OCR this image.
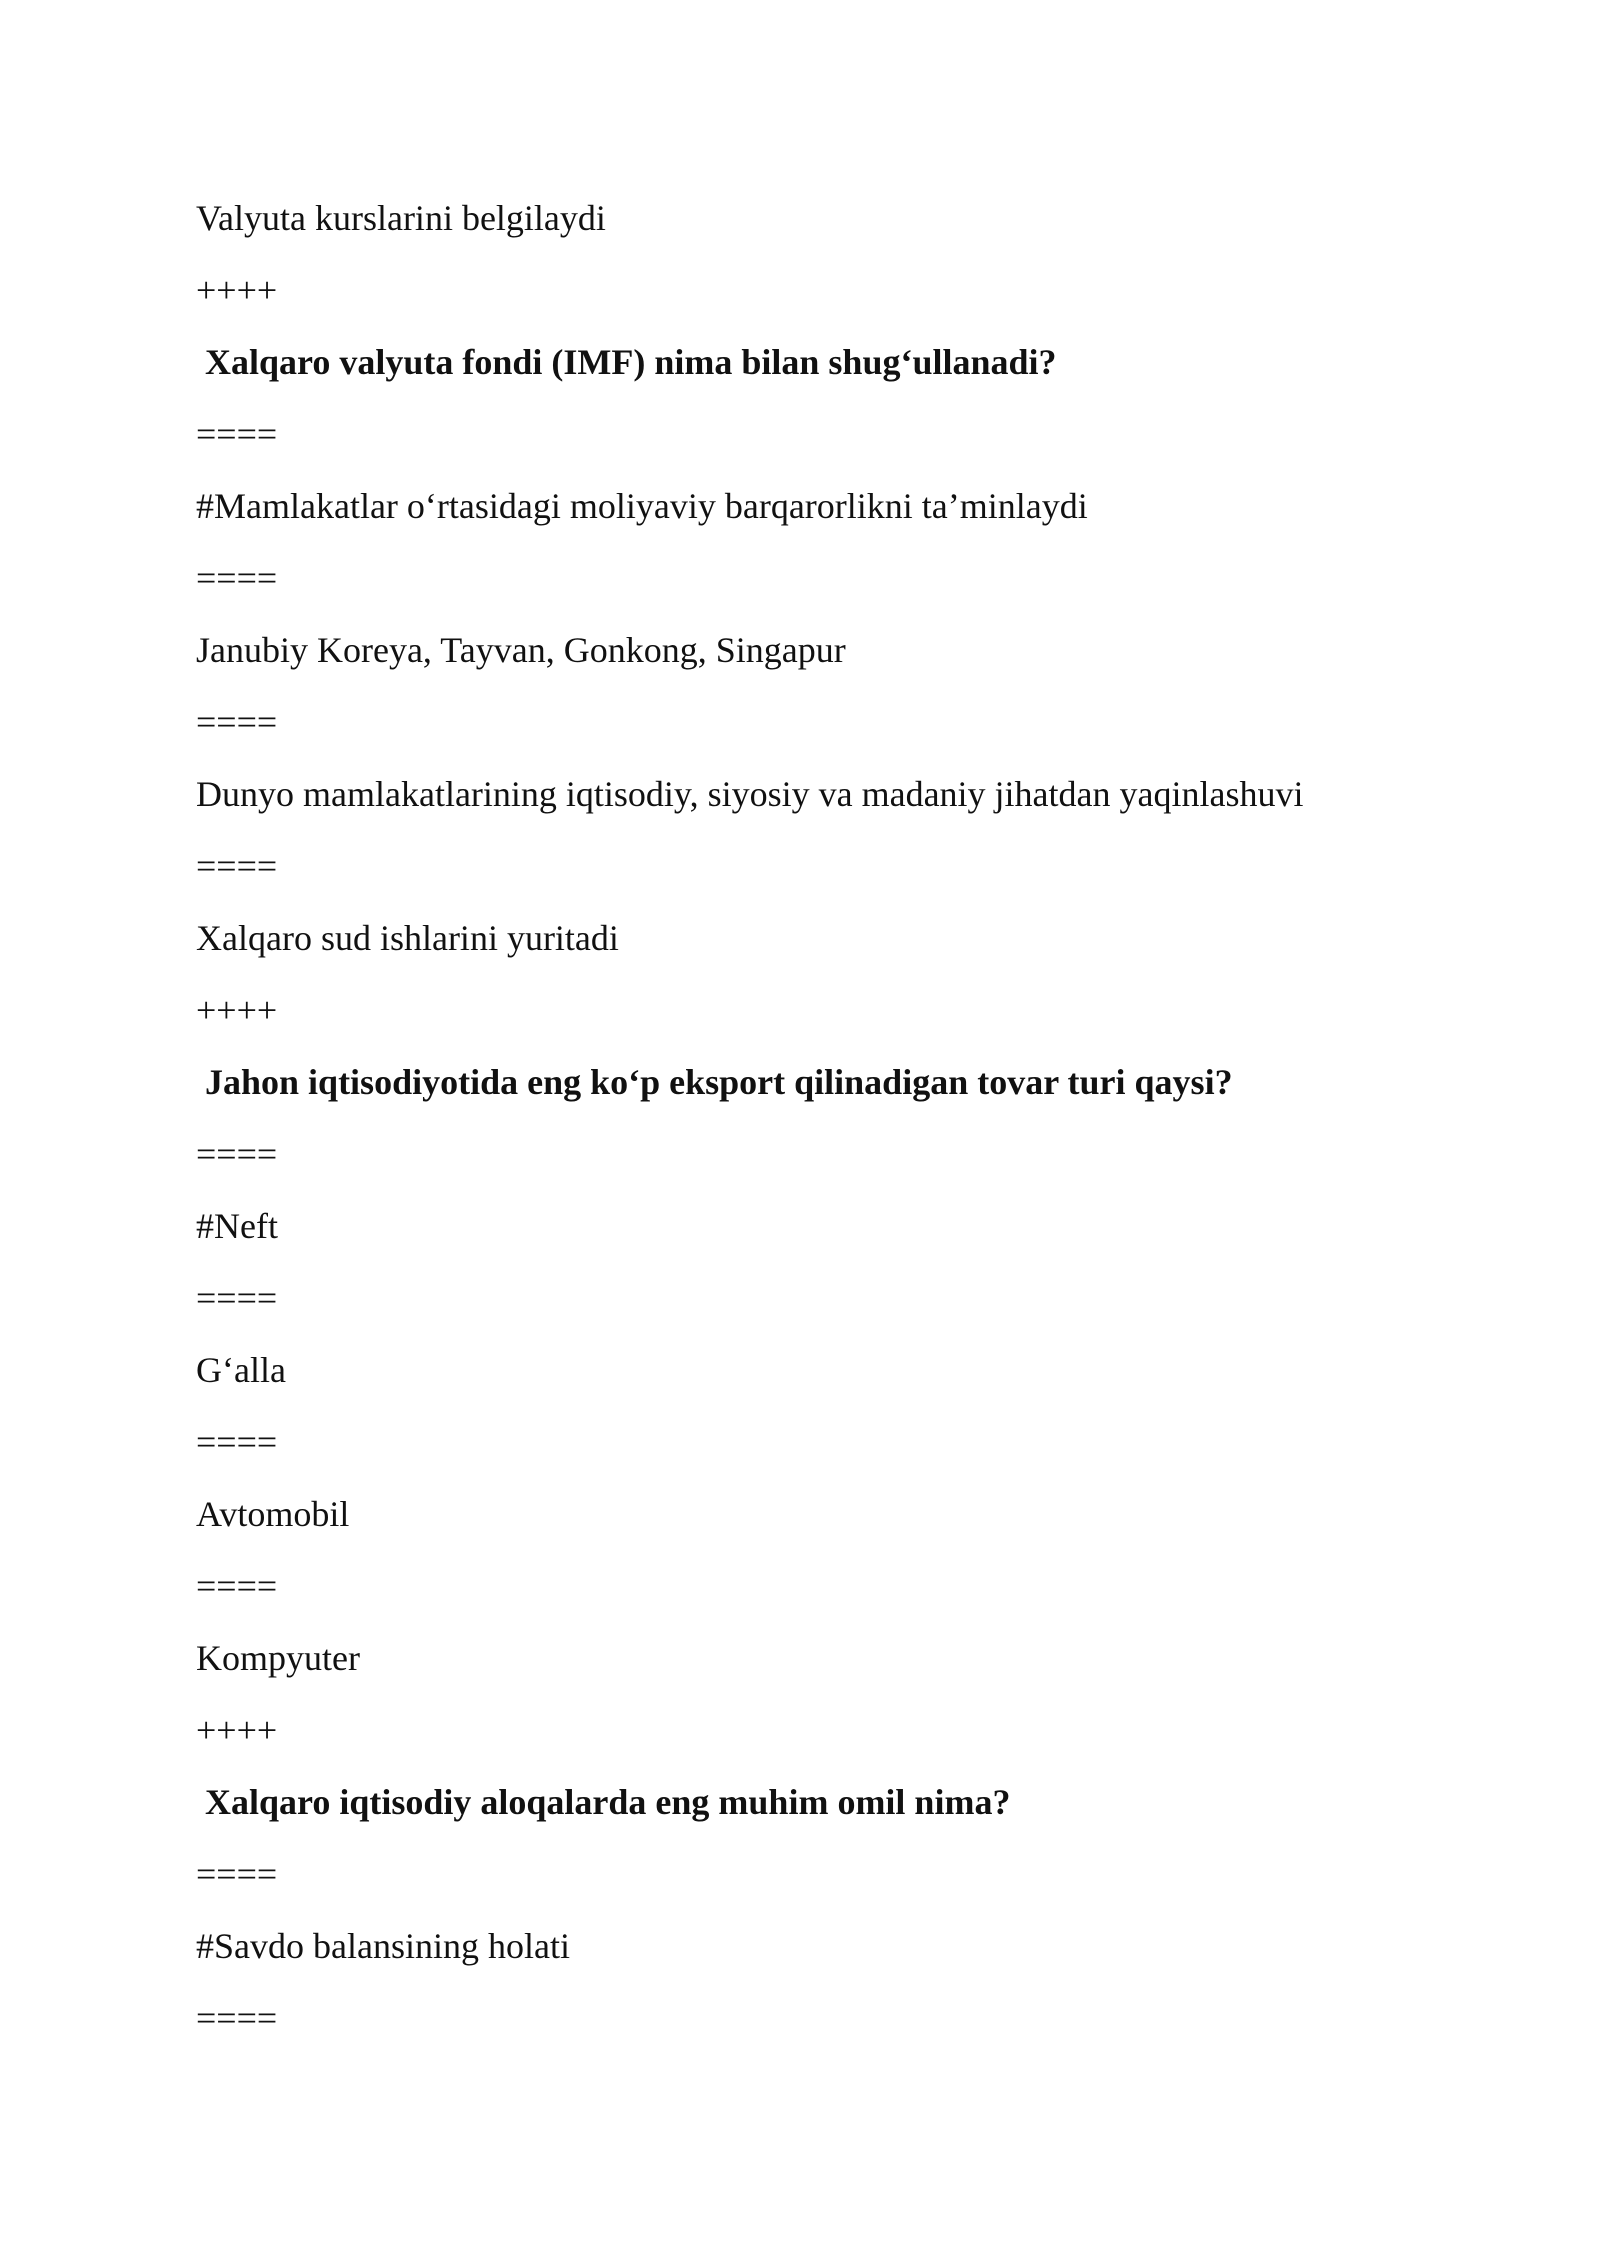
Valyuta kurslarini belgilaydi
++++
Xalqaro valyuta fondi (IMF) nima bilan shug‘ullanadi?
====
#Mamlakatlar o‘rtasidagi moliyaviy barqarorlikni ta’minlaydi
====
Janubiy Koreya, Tayvan, Gonkong, Singapur
====
Dunyo mamlakatlarining iqtisodiy, siyosiy va madaniy jihatdan yaqinlashuvi
====
Xalqaro sud ishlarini yuritadi
++++
Jahon iqtisodiyotida eng ko‘p eksport qilinadigan tovar turi qaysi?
====
#Neft
====
G‘alla
====
Avtomobil
====
Kompyuter
++++
Xalqaro iqtisodiy aloqalarda eng muhim omil nima?
====
#Savdo balansining holati
====
